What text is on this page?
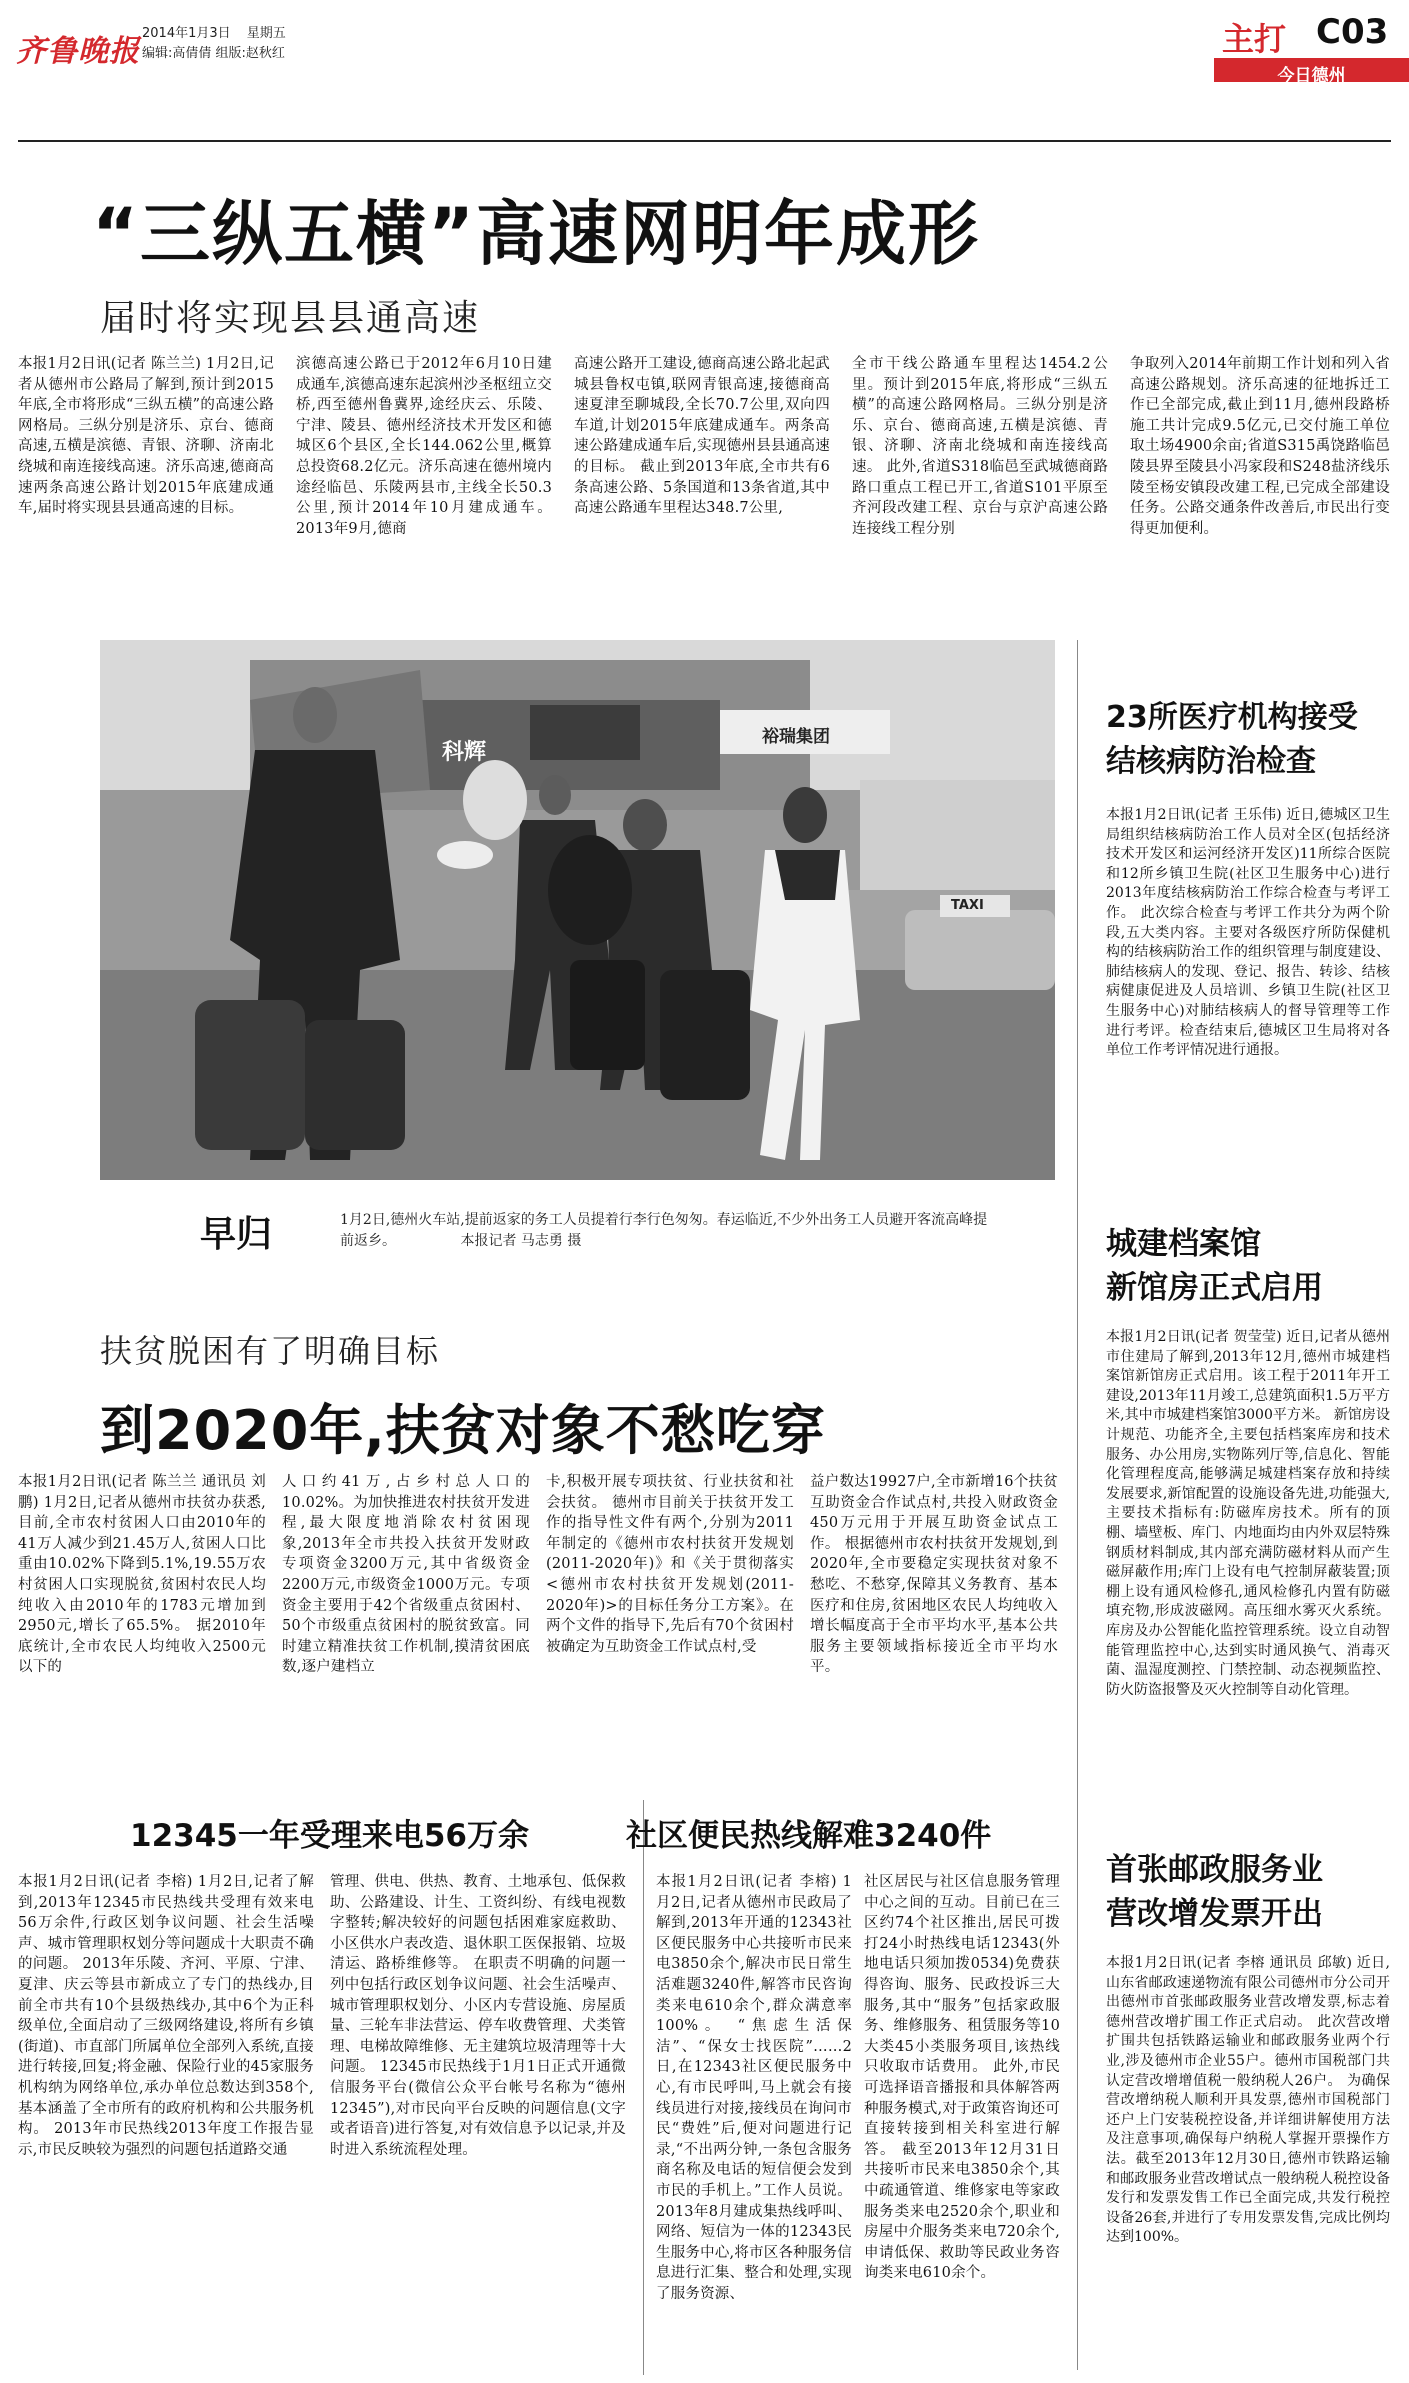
齐鲁晚报
2014年1月3日 星期五
编辑:高倩倩 组版:赵秋红	主打 C03
今日德州
“三纵五横”高速网明年成形
届时将实现县县通高速
本报1月2日讯(记者 陈兰兰) 1月2日,记者从德州市公路局了解到,预计到2015年底,全市将形成“三纵五横”的高速公路网格局。三纵分别是济乐、京台、德商高速,五横是滨德、青银、济聊、济南北绕城和南连接线高速。济乐高速,德商高速两条高速公路计划2015年底建成通车,届时将实现县县通高速的目标。
滨德高速公路已于2012年6月10日建成通车,滨德高速东起滨州沙圣枢纽立交桥,西至德州鲁冀界,途经庆云、乐陵、宁津、陵县、德州经济技术开发区和德城区6个县区,全长144.062公里,概算总投资68.2亿元。济乐高速在德州境内途经临邑、乐陵两县市,主线全长50.3公里,预计2014年10月建成通车。2013年9月,德商
高速公路开工建设,德商高速公路北起武城县鲁权屯镇,联网青银高速,接德商高速夏津至聊城段,全长70.7公里,双向四车道,计划2015年底建成通车。两条高速公路建成通车后,实现德州县县通高速的目标。 截止到2013年底,全市共有6条高速公路、5条国道和13条省道,其中高速公路通车里程达348.7公里,
全市干线公路通车里程达1454.2公里。预计到2015年底,将形成“三纵五横”的高速公路网格局。三纵分别是济乐、京台、德商高速,五横是滨德、青银、济聊、济南北绕城和南连接线高速。 此外,省道S318临邑至武城德商路路口重点工程已开工,省道S101平原至齐河段改建工程、京台与京沪高速公路连接线工程分别
争取列入2014年前期工作计划和列入省高速公路规划。济乐高速的征地拆迁工作已全部完成,截止到11月,德州段路桥施工共计完成9.5亿元,已交付施工单位取土场4900余亩;省道S315禹饶路临邑陵县界至陵县小冯家段和S248盐济线乐陵至杨安镇段改建工程,已完成全部建设任务。公路交通条件改善后,市民出行变得更加便利。
科辉
裕瑞集团
TAXI
早归	1月2日,德州火车站,提前返家的务工人员提着行李行色匆匆。春运临近,不少外出务工人员避开客流高峰提前返乡。	本报记者 马志勇 摄
扶贫脱困有了明确目标
到2020年,扶贫对象不愁吃穿
本报1月2日讯(记者 陈兰兰 通讯员 刘鹏) 1月2日,记者从德州市扶贫办获悉,目前,全市农村贫困人口由2010年的41万人减少到21.45万人,贫困人口比重由10.02%下降到5.1%,19.55万农村贫困人口实现脱贫,贫困村农民人均纯收入由2010年的1783元增加到2950元,增长了65.5%。 据2010年底统计,全市农民人均纯收入2500元以下的
人口约41万,占乡村总人口的10.02%。为加快推进农村扶贫开发进程,最大限度地消除农村贫困现象,2013年全市共投入扶贫开发财政专项资金3200万元,其中省级资金2200万元,市级资金1000万元。专项资金主要用于42个省级重点贫困村、50个市级重点贫困村的脱贫致富。同时建立精准扶贫工作机制,摸清贫困底数,逐户建档立
卡,积极开展专项扶贫、行业扶贫和社会扶贫。 德州市目前关于扶贫开发工作的指导性文件有两个,分别为2011年制定的《德州市农村扶贫开发规划(2011-2020年)》和《关于贯彻落实<德州市农村扶贫开发规划(2011-2020年)>的目标任务分工方案》。在两个文件的指导下,先后有70个贫困村被确定为互助资金工作试点村,受
益户数达19927户,全市新增16个扶贫互助资金合作试点村,共投入财政资金450万元用于开展互助资金试点工作。 根据德州市农村扶贫开发规划,到2020年,全市要稳定实现扶贫对象不愁吃、不愁穿,保障其义务教育、基本医疗和住房,贫困地区农民人均纯收入增长幅度高于全市平均水平,基本公共服务主要领域指标接近全市平均水平。
12345一年受理来电56万余
本报1月2日讯(记者 李榕) 1月2日,记者了解到,2013年12345市民热线共受理有效来电56万余件,行政区划争议问题、社会生活噪声、城市管理职权划分等问题成十大职责不确的问题。 2013年乐陵、齐河、平原、宁津、夏津、庆云等县市新成立了专门的热线办,目前全市共有10个县级热线办,其中6个为正科级单位,全面启动了三级网络建设,将所有乡镇(街道)、市直部门所属单位全部列入系统,直接进行转接,回复;将金融、保险行业的45家服务机构纳为网络单位,承办单位总数达到358个,基本涵盖了全市所有的政府机构和公共服务机构。 2013年市民热线2013年度工作报告显示,市民反映较为强烈的问题包括道路交通
管理、供电、供热、教育、土地承包、低保救助、公路建设、计生、工资纠纷、有线电视数字整转;解决较好的问题包括困难家庭救助、小区供水户表改造、退休职工医保报销、垃圾清运、路桥维修等。 在职责不明确的问题一列中包括行政区划争议问题、社会生活噪声、城市管理职权划分、小区内专营设施、房屋质量、三轮车非法营运、停车收费管理、犬类管理、电梯故障维修、无主建筑垃圾清理等十大问题。 12345市民热线于1月1日正式开通微信服务平台(微信公众平台帐号名称为“德州12345”),对市民向平台反映的问题信息(文字或者语音)进行答复,对有效信息予以记录,并及时进入系统流程处理。
社区便民热线解难3240件
本报1月2日讯(记者 李榕) 1月2日,记者从德州市民政局了解到,2013年开通的12343社区便民服务中心共接听市民来电3850余个,解决市民日常生活难题3240件,解答市民咨询类来电610余个,群众满意率100%。 “焦虑生活保洁”、“保女士找医院”……2日,在12343社区便民服务中心,有市民呼叫,马上就会有接线员进行对接,接线员在询问市民“费姓”后,便对问题进行记录,“不出两分钟,一条包含服务商名称及电话的短信便会发到市民的手机上。”工作人员说。 2013年8月建成集热线呼叫、网络、短信为一体的12343民生服务中心,将市区各种服务信息进行汇集、整合和处理,实现了服务资源、
社区居民与社区信息服务管理中心之间的互动。目前已在三区约74个社区推出,居民可拨打24小时热线电话12343(外地电话只须加拨0534)免费获得咨询、服务、民政投诉三大服务,其中“服务”包括家政服务、维修服务、租赁服务等10大类45小类服务项目,该热线只收取市话费用。 此外,市民可选择语音播报和具体解答两种服务模式,对于政策咨询还可直接转接到相关科室进行解答。 截至2013年12月31日共接听市民来电3850余个,其中疏通管道、维修家电等家政服务类来电2520余个,职业和房屋中介服务类来电720余个,申请低保、救助等民政业务咨询类来电610余个。
23所医疗机构接受
结核病防治检查
本报1月2日讯(记者 王乐伟) 近日,德城区卫生局组织结核病防治工作人员对全区(包括经济技术开发区和运河经济开发区)11所综合医院和12所乡镇卫生院(社区卫生服务中心)进行2013年度结核病防治工作综合检查与考评工作。 此次综合检查与考评工作共分为两个阶段,五大类内容。主要对各级医疗所防保健机构的结核病防治工作的组织管理与制度建设、肺结核病人的发现、登记、报告、转诊、结核病健康促进及人员培训、乡镇卫生院(社区卫生服务中心)对肺结核病人的督导管理等工作进行考评。检查结束后,德城区卫生局将对各单位工作考评情况进行通报。
城建档案馆
新馆房正式启用
本报1月2日讯(记者 贺莹莹) 近日,记者从德州市住建局了解到,2013年12月,德州市城建档案馆新馆房正式启用。该工程于2011年开工建设,2013年11月竣工,总建筑面积1.5万平方米,其中市城建档案馆3000平方米。 新馆房设计规范、功能齐全,主要包括档案库房和技术服务、办公用房,实物陈列厅等,信息化、智能化管理程度高,能够满足城建档案存放和持续发展要求,新馆配置的设施设备先进,功能强大,主要技术指标有:防磁库房技术。所有的顶棚、墙壁板、库门、内地面均由内外双层特殊钢质材料制成,其内部充满防磁材料从而产生磁屏蔽作用;库门上设有电气控制屏蔽装置;顶棚上设有通风检修孔,通风检修孔内置有防磁填充物,形成波磁网。高压细水雾灭火系统。库房及办公智能化监控管理系统。设立自动智能管理监控中心,达到实时通风换气、消毒灭菌、温湿度测控、门禁控制、动态视频监控、防火防盗报警及灭火控制等自动化管理。
首张邮政服务业
营改增发票开出
本报1月2日讯(记者 李榕 通讯员 邱敏) 近日,山东省邮政速递物流有限公司德州市分公司开出德州市首张邮政服务业营改增发票,标志着德州营改增扩围工作正式启动。 此次营改增扩围共包括铁路运输业和邮政服务业两个行业,涉及德州市企业55户。德州市国税部门共认定营改增增值税一般纳税人26户。 为确保营改增纳税人顺利开具发票,德州市国税部门还户上门安装税控设备,并详细讲解使用方法及注意事项,确保每户纳税人掌握开票操作方法。截至2013年12月30日,德州市铁路运输和邮政服务业营改增试点一般纳税人税控设备发行和发票发售工作已全面完成,共发行税控设备26套,并进行了专用发票发售,完成比例均达到100%。
